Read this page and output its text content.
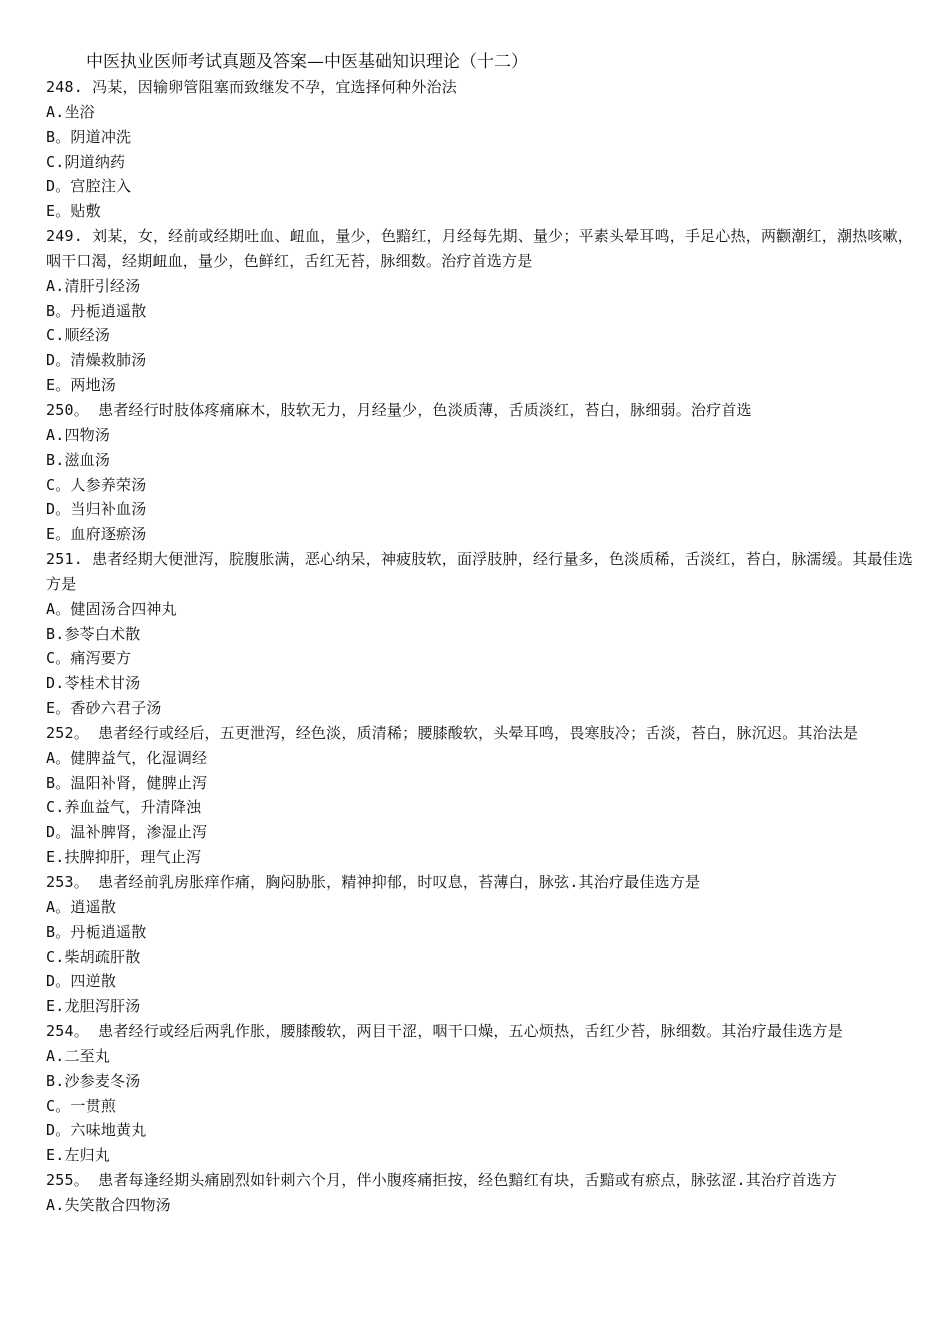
中医执业医师考试真题及答案—中医基础知识理论（十二）
248. 冯某，因输卵管阻塞而致继发不孕，宜选择何种外治法
A.坐浴
B。阴道冲洗
C.阴道纳药
D。宫腔注入
E。贴敷
249. 刘某，女，经前或经期吐血、衄血，量少，色黯红，月经每先期、量少；平素头晕耳鸣，手足心热，两颧潮红，潮热咳嗽，咽干口渴，经期衄血，量少，色鲜红，舌红无苔，脉细数。治疗首选方是
A.清肝引经汤
B。丹栀逍遥散
C.顺经汤
D。清燥救肺汤
E。两地汤
250。 患者经行时肢体疼痛麻木，肢软无力，月经量少，色淡质薄，舌质淡红，苔白，脉细弱。治疗首选
A.四物汤
B.滋血汤
C。人参养荣汤
D。当归补血汤
E。血府逐瘀汤
251. 患者经期大便泄泻，脘腹胀满，恶心纳呆，神疲肢软，面浮肢肿，经行量多，色淡质稀，舌淡红，苔白，脉濡缓。其最佳选方是
A。健固汤合四神丸
B.参苓白术散
C。痛泻要方
D.苓桂术甘汤
E。香砂六君子汤
252。 患者经行或经后，五更泄泻，经色淡，质清稀；腰膝酸软，头晕耳鸣，畏寒肢冷；舌淡，苔白，脉沉迟。其治法是
A。健脾益气，化湿调经
B。温阳补肾，健脾止泻
C.养血益气，升清降浊
D。温补脾肾，渗湿止泻
E.扶脾抑肝，理气止泻
253。 患者经前乳房胀痒作痛，胸闷胁胀，精神抑郁，时叹息，苔薄白，脉弦.其治疗最佳选方是
A。逍遥散
B。丹栀逍遥散
C.柴胡疏肝散
D。四逆散
E.龙胆泻肝汤
254。 患者经行或经后两乳作胀，腰膝酸软，两目干涩，咽干口燥，五心烦热，舌红少苔，脉细数。其治疗最佳选方是
A.二至丸
B.沙参麦冬汤
C。一贯煎
D。六味地黄丸
E.左归丸
255。 患者每逢经期头痛剧烈如针刺六个月，伴小腹疼痛拒按，经色黯红有块，舌黯或有瘀点，脉弦涩.其治疗首选方
A.失笑散合四物汤
